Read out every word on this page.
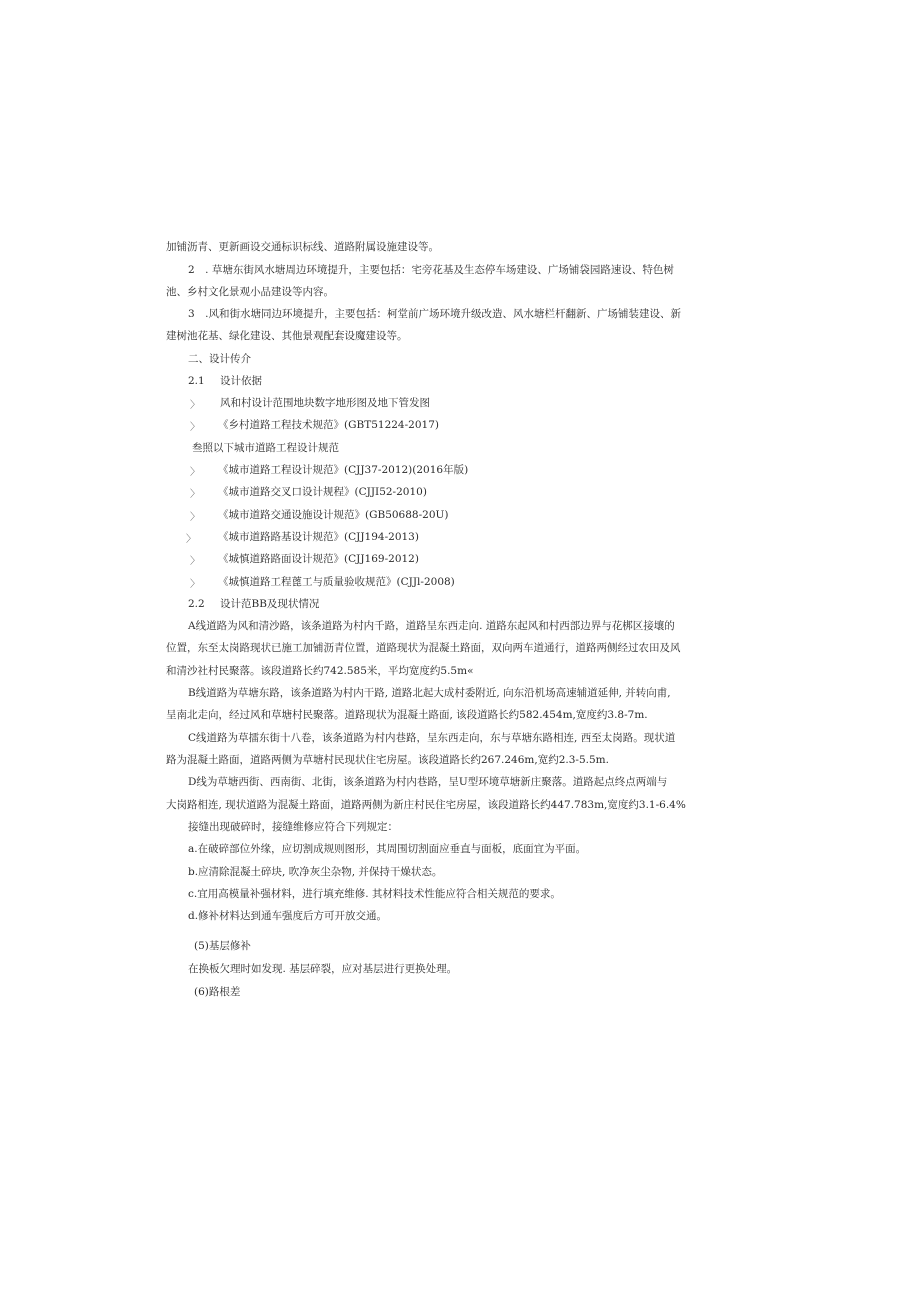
加铺沥青、更新画设交通标识标线、道路附属设施建设等。
2　. 草塘东街风水塘周边环境提升，主要包括：宅旁花基及生态停车场建设、广场铺袋园路速设、特色树
池、乡村文化景观小品建设等内容。
3　.风和街水塘同边环境提升，主要包括：柯堂前广场环境升级改造、风水塘栏杆翻新、广场铺装建设、新
建树池花基、绿化建设、其他景观配套设魔建设等。
二、设计传介
2.1 设计依据
〉 风和村设计范围地块数字地形图及地下管发图
〉 《乡村道路工程技术规范》(GBT51224-2017)
叁照以下城市道路工程设计规范
〉 《城市道路工程设计规范》(CJJ37-2012)(2016年版)
〉 《城市道路交叉口设计规程》(CJJI52-2010)
〉 《城市道路交通设施设计规范》(GB50688-20U)
〉 《城市道路路基设计规范》(CJJ194-2013)
〉 《城慎道路路面设计规范》(CJJ169-2012)
〉 《城慎道路工程蓖工与质量验收规范》(CJJl-2008)
2.2 设计范BB及现状情况
A线道路为风和清沙路，该条道路为村内千路，道路呈东西走向. 道路东起风和村西部边界与花梆区接壤的
位置，东至太岗路现状已施工加铺沥青位置，道路现状为混凝土路面，双向两车道通行，道路两侧经过农田及风
和清沙社村民聚落。该段道路长约742.585米，平均宽度约5.5m«
B线道路为草塘东路，该条道路为村内干路, 道路北起大成村委附近, 向东沿机场高速辅道延伸, 并转向甫,
呈南北走向，经过风和草塘村民聚落。道路现状为混凝土路面, 该段道路长约582.454m,宽度约3.8-7m.
C线道路为草擂东街十八卷，该条道路为村内巷路，呈东西走向，东与草塘东路相连, 西至太岗路。现状道
路为混凝土路面，道路两侧为草塘村民现状住宅房屋。该段道路长约267.246m,宽约2.3-5.5m.
D线为草塘西街、西南街、北街，该条道路为村内巷路，呈U型环境草塘新庄聚落。道路起点终点两端与
大岗路相连, 现状道路为混凝土路面，道路两侧为新庄村民住宅房屋，该段道路长约447.783m,宽度约3.1-6.4%
接缝出现破碎时，接缝维修应符合下列规定：
a.在破碎部位外缘，应切割成规则图形，其周围切割面应垂直与面板，底面宜为平面。
b.应清除混凝土碎块, 吹净灰尘杂物, 并保持干燥状态。
c.宜用高模量补强材料，进行填充维修. 其材料技术性能应符合相关规范的要求。
d.修补材料达到通车强度后方可开放交通。
(5)基层修补
在换板欠理时如发现. 基层碎裂，应对基层进行更换处理。
(6)路根差
